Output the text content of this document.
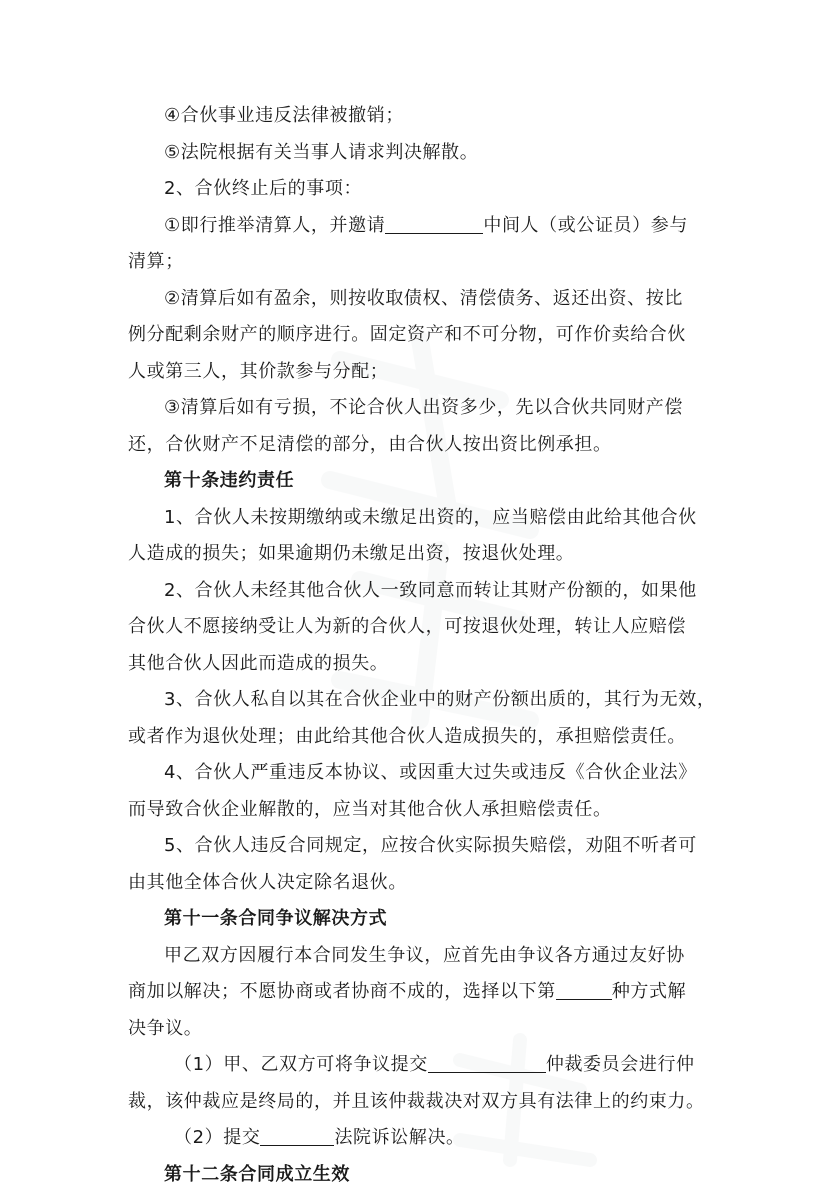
④合伙事业违反法律被撤销；
⑤法院根据有关当事人请求判决解散。
2、合伙终止后的事项：
①即行推举清算人，并邀请	中间人（或公证员）参与
清算；
②清算后如有盈余，则按收取债权、清偿债务、返还出资、按比
例分配剩余财产的顺序进行。固定资产和不可分物，可作价卖给合伙
人或第三人，其价款参与分配；
③清算后如有亏损，不论合伙人出资多少，先以合伙共同财产偿
还，合伙财产不足清偿的部分，由合伙人按出资比例承担。
第十条违约责任
1、合伙人未按期缴纳或未缴足出资的，应当赔偿由此给其他合伙
人造成的损失；如果逾期仍未缴足出资，按退伙处理。
2、合伙人未经其他合伙人一致同意而转让其财产份额的，如果他
合伙人不愿接纳受让人为新的合伙人，可按退伙处理，转让人应赔偿
其他合伙人因此而造成的损失。
3、合伙人私自以其在合伙企业中的财产份额出质的，其行为无效，
或者作为退伙处理；由此给其他合伙人造成损失的，承担赔偿责任。
4、合伙人严重违反本协议、或因重大过失或违反《合伙企业法》
而导致合伙企业解散的，应当对其他合伙人承担赔偿责任。
5、合伙人违反合同规定，应按合伙实际损失赔偿，劝阻不听者可
由其他全体合伙人决定除名退伙。
第十一条合同争议解决方式
甲乙双方因履行本合同发生争议，应首先由争议各方通过友好协
商加以解决；不愿协商或者协商不成的，选择以下第	种方式解
决争议。
（1）甲、乙双方可将争议提交	仲裁委员会进行仲
裁，该仲裁应是终局的，并且该仲裁裁决对双方具有法律上的约束力。
（2）提交	法院诉讼解决。
第十二条合同成立生效
